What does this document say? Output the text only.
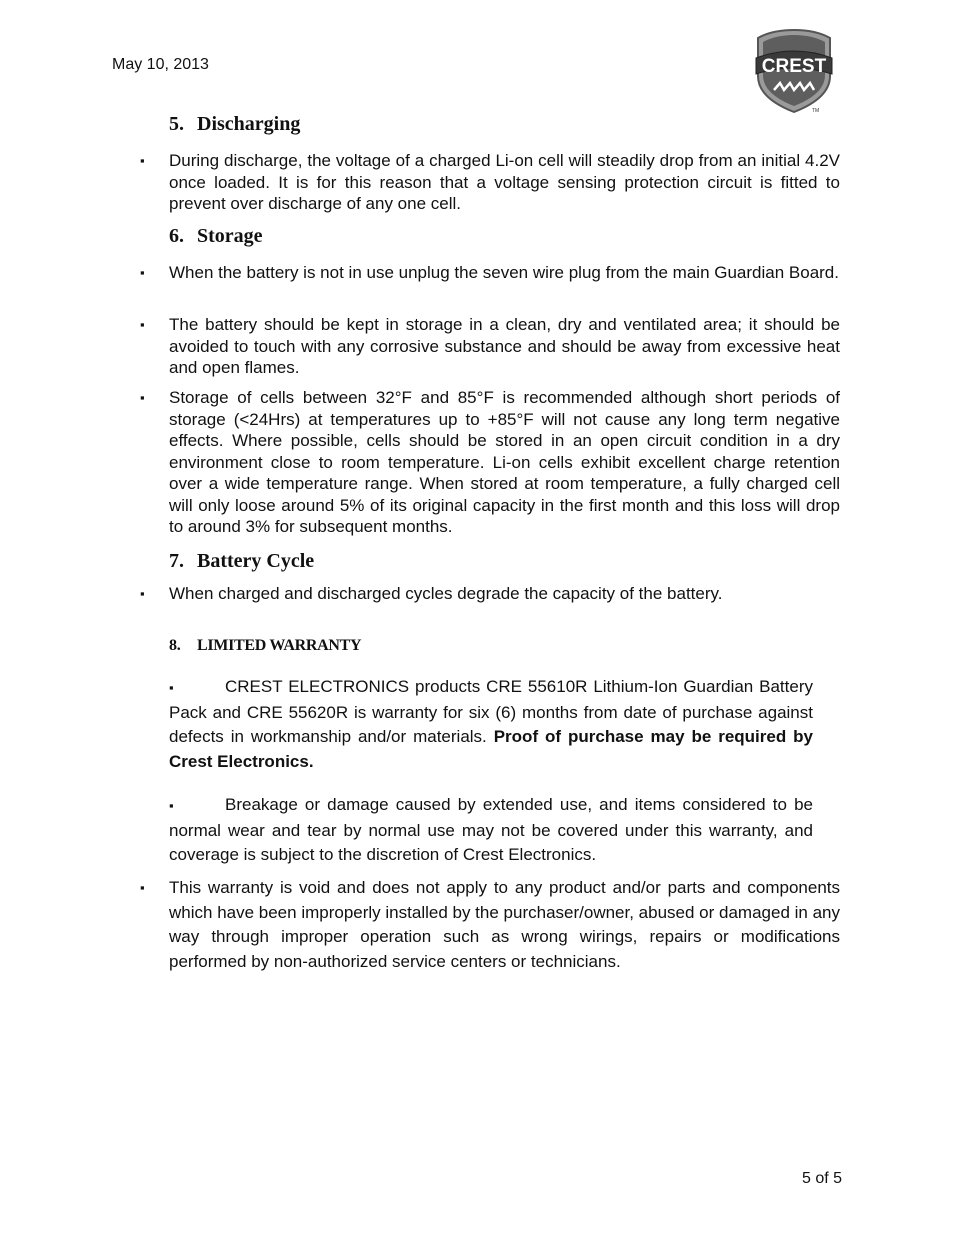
May 10, 2013	CREST
TM
5. Discharging
▪ During discharge, the voltage of a charged Li-on cell will steadily drop from an initial 4.2V once loaded. It is for this reason that a voltage sensing protection circuit is fitted to prevent over discharge of any one cell.
6. Storage
▪ When the battery is not in use unplug the seven wire plug from the main Guardian Board.
▪ The battery should be kept in storage in a clean, dry and ventilated area; it should be avoided to touch with any corrosive substance and should be away from excessive heat and open flames.
▪ Storage of cells between 32°F and 85°F is recommended although short periods of storage (<24Hrs) at temperatures up to +85°F will not cause any long term negative effects. Where possible, cells should be stored in an open circuit condition in a dry environment close to room temperature. Li-on cells exhibit excellent charge retention over a wide temperature range. When stored at room temperature, a fully charged cell will only loose around 5% of its original capacity in the first month and this loss will drop to around 3% for subsequent months.
7. Battery Cycle
▪ When charged and discharged cycles degrade the capacity of the battery.
8. LIMITED WARRANTY
▪	CREST ELECTRONICS products CRE 55610R Lithium-Ion Guardian Battery Pack and CRE 55620R is warranty for six (6) months from date of purchase against defects in workmanship and/or materials. Proof of purchase may be required by Crest Electronics.
▪	Breakage or damage caused by extended use, and items considered to be normal wear and tear by normal use may not be covered under this warranty, and coverage is subject to the discretion of Crest Electronics.
▪ This warranty is void and does not apply to any product and/or parts and components which have been improperly installed by the purchaser/owner, abused or damaged in any way through improper operation such as wrong wirings, repairs or modifications performed by non-authorized service centers or technicians.
5 of 5
